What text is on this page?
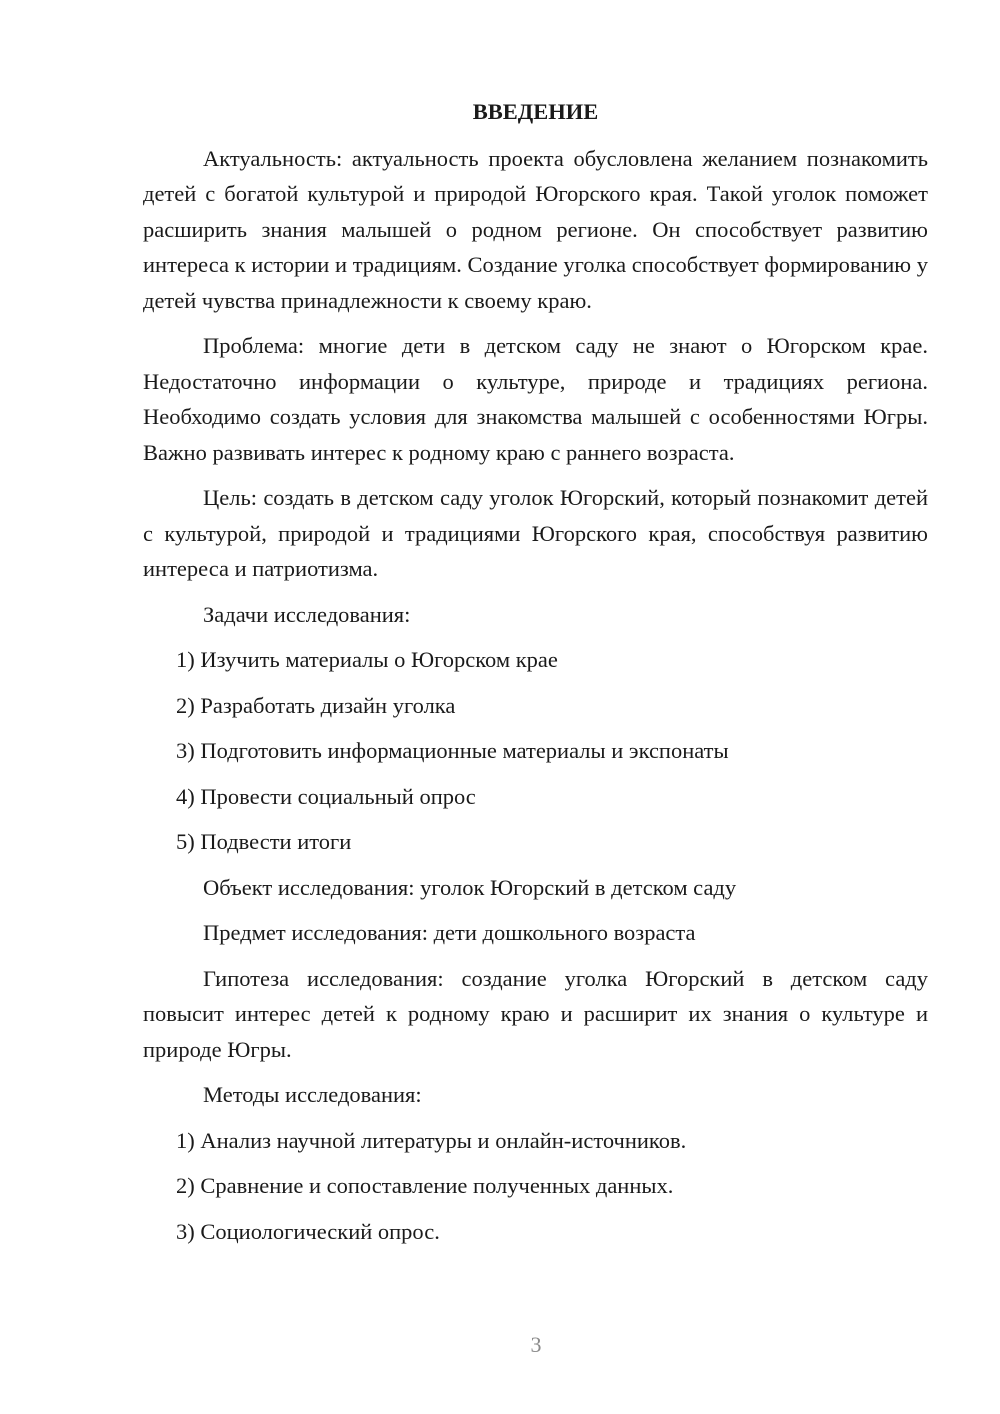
ВВЕДЕНИЕ

Актуальность: актуальность проекта обусловлена желанием познакомить детей с богатой культурой и природой Югорского края. Такой уголок поможет расширить знания малышей о родном регионе. Он способствует развитию интереса к истории и традициям. Создание уголка способствует формированию у детей чувства принадлежности к своему краю.

Проблема: многие дети в детском саду не знают о Югорском крае. Недостаточно информации о культуре, природе и традициях региона. Необходимо создать условия для знакомства малышей с особенностями Югры. Важно развивать интерес к родному краю с раннего возраста.

Цель: создать в детском саду уголок Югорский, который познакомит детей с культурой, природой и традициями Югорского края, способствуя развитию интереса и патриотизма.

Задачи исследования:
1) Изучить материалы о Югорском крае
2) Разработать дизайн уголка
3) Подготовить информационные материалы и экспонаты
4) Провести социальный опрос
5) Подвести итоги
Объект исследования: уголок Югорский в детском саду
Предмет исследования: дети дошкольного возраста

Гипотеза исследования: создание уголка Югорский в детском саду повысит интерес детей к родному краю и расширит их знания о культуре и природе Югры.

Методы исследования:
1) Анализ научной литературы и онлайн-источников.
2) Сравнение и сопоставление полученных данных.
3) Социологический опрос.
3
